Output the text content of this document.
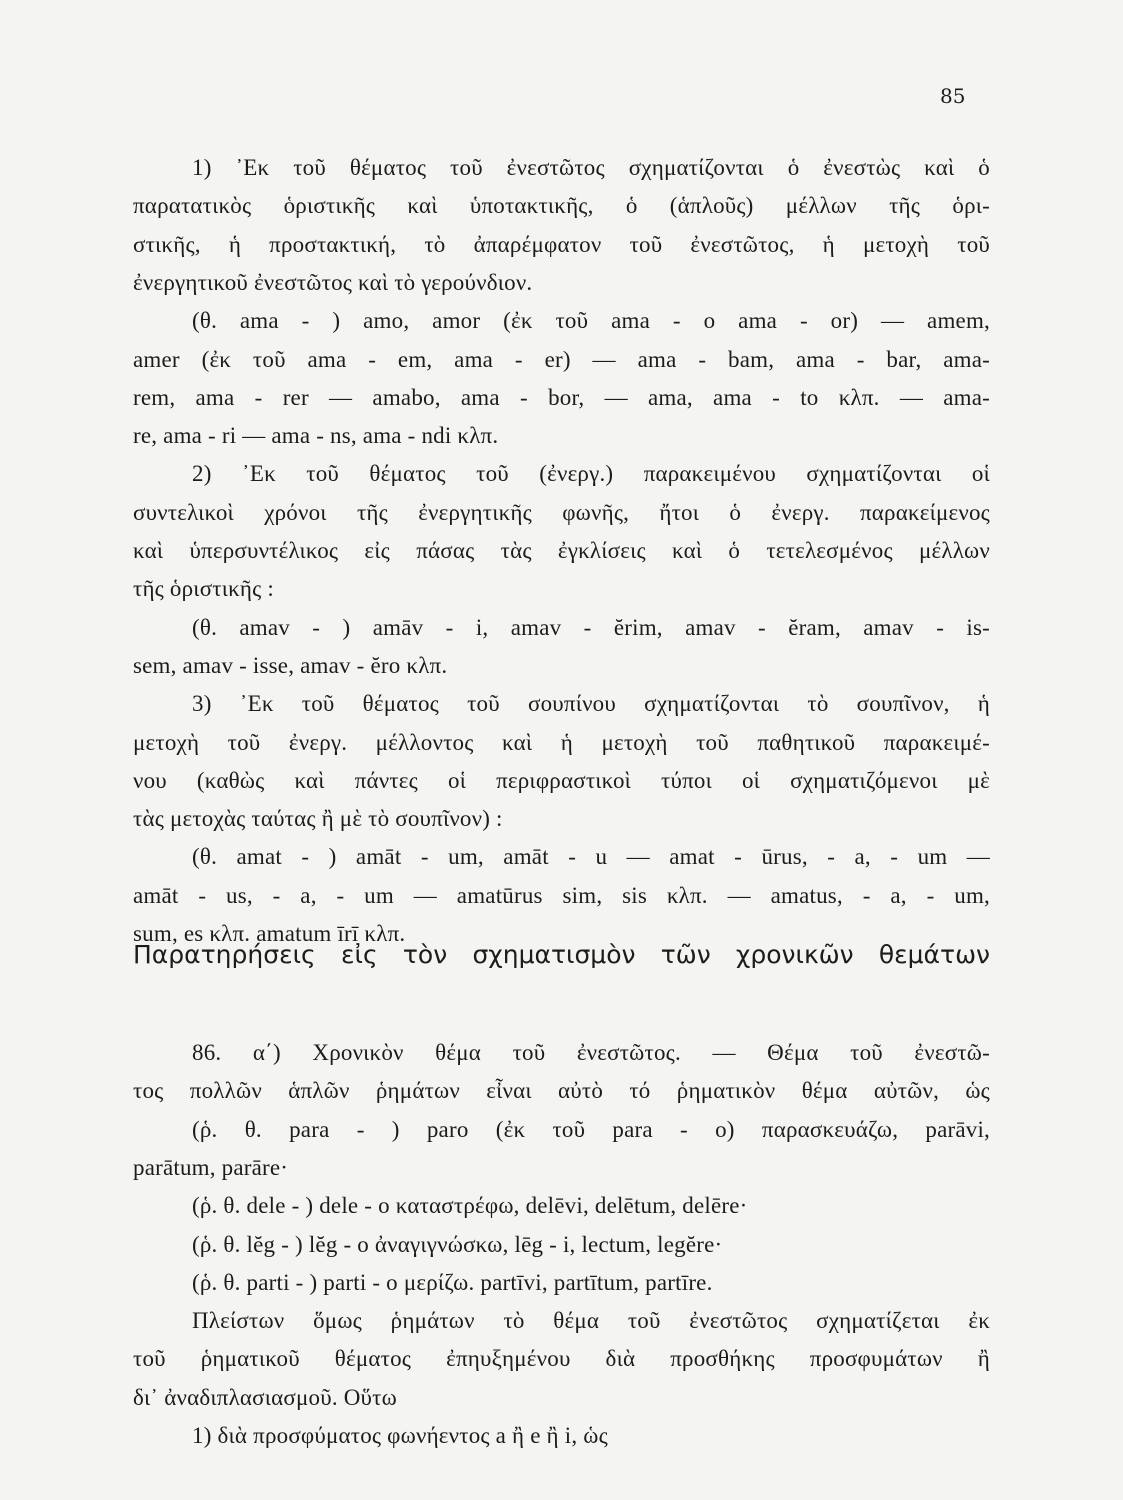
85
1) ᾿Εκ τοῦ θέματος τοῦ ἐνεστῶτος σχηματίζονται ὁ ἐνεστὼς καὶ ὁ
παρατατικὸς ὁριστικῆς καὶ ὑποτακτικῆς, ὁ (ἁπλοῦς) μέλλων τῆς ὁρι-
στικῆς, ἡ προστακτική, τὸ ἀπαρέμφατον τοῦ ἐνεστῶτος, ἡ μετοχὴ τοῦ
ἐνεργητικοῦ ἐνεστῶτος καὶ τὸ γερούνδιον.
(θ. ama - ) amo, amor (ἐκ τοῦ ama - o ama - or) — amem,
amer (ἐκ τοῦ ama - em, ama - er) — ama - bam, ama - bar, ama-
rem, ama - rer — amabo, ama - bor, — ama, ama - to κλπ. — ama-
re, ama - ri — ama - ns, ama - ndi κλπ.
2) ᾿Εκ τοῦ θέματος τοῦ (ἐνεργ.) παρακειμένου σχηματίζονται οἱ
συντελικοὶ χρόνοι τῆς ἐνεργητικῆς φωνῆς, ἤτοι ὁ ἐνεργ. παρακείμενος
καὶ ὑπερσυντέλικος εἰς πάσας τὰς ἐγκλίσεις καὶ ὁ τετελεσμένος μέλλων
τῆς ὁριστικῆς :
(θ. amav - ) amāv - i, amav - ĕrim, amav - ĕram, amav - is-
sem, amav - isse, amav - ĕro κλπ.
3) ᾿Εκ τοῦ θέματος τοῦ σουπίνου σχηματίζονται τὸ σουπῖνον, ἡ
μετοχὴ τοῦ ἐνεργ. μέλλοντος καὶ ἡ μετοχὴ τοῦ παθητικοῦ παρακειμέ-
νου (καθὼς καὶ πάντες οἱ περιφραστικοὶ τύποι οἱ σχηματιζόμενοι μὲ
τὰς μετοχὰς ταύτας ἢ μὲ τὸ σουπῖνον) :
(θ. amat - ) amāt - um, amāt - u — amat - ūrus, - a, - um —
amāt - us, - a, - um — amatūrus sim, sis κλπ. — amatus, - a, - um,
sum, es κλπ. amatum īrī κλπ.
Παρατηρήσεις εἰς τὸν σχηματισμὸν τῶν χρονικῶν θεμάτων
86. α΄) Χρονικὸν θέμα τοῦ ἐνεστῶτος. — Θέμα τοῦ ἐνεστῶ-
τος πολλῶν ἁπλῶν ῥημάτων εἶναι αὐτὸ τό ῥηματικὸν θέμα αὐτῶν, ὡς
(ῥ. θ. para - ) paro (ἐκ τοῦ para - o) παρασκευάζω, parāvi,
parātum, parāre·
(ῥ. θ. dele - ) dele - o καταστρέφω, delēvi, delētum, delēre·
(ῥ. θ. lĕg - ) lĕg - o ἀναγιγνώσκω, lēg - i, lectum, legĕre·
(ῥ. θ. parti - ) parti - o μερίζω. partīvi, partītum, partīre.
Πλείστων ὅμως ῥημάτων τὸ θέμα τοῦ ἐνεστῶτος σχηματίζεται ἐκ
τοῦ ῥηματικοῦ θέματος ἐπηυξημένου διὰ προσθήκης προσφυμάτων ἢ
δι᾿ ἀναδιπλασιασμοῦ. Οὕτω
1) διὰ προσφύματος φωνήεντος a ἢ e ἢ i, ὡς
